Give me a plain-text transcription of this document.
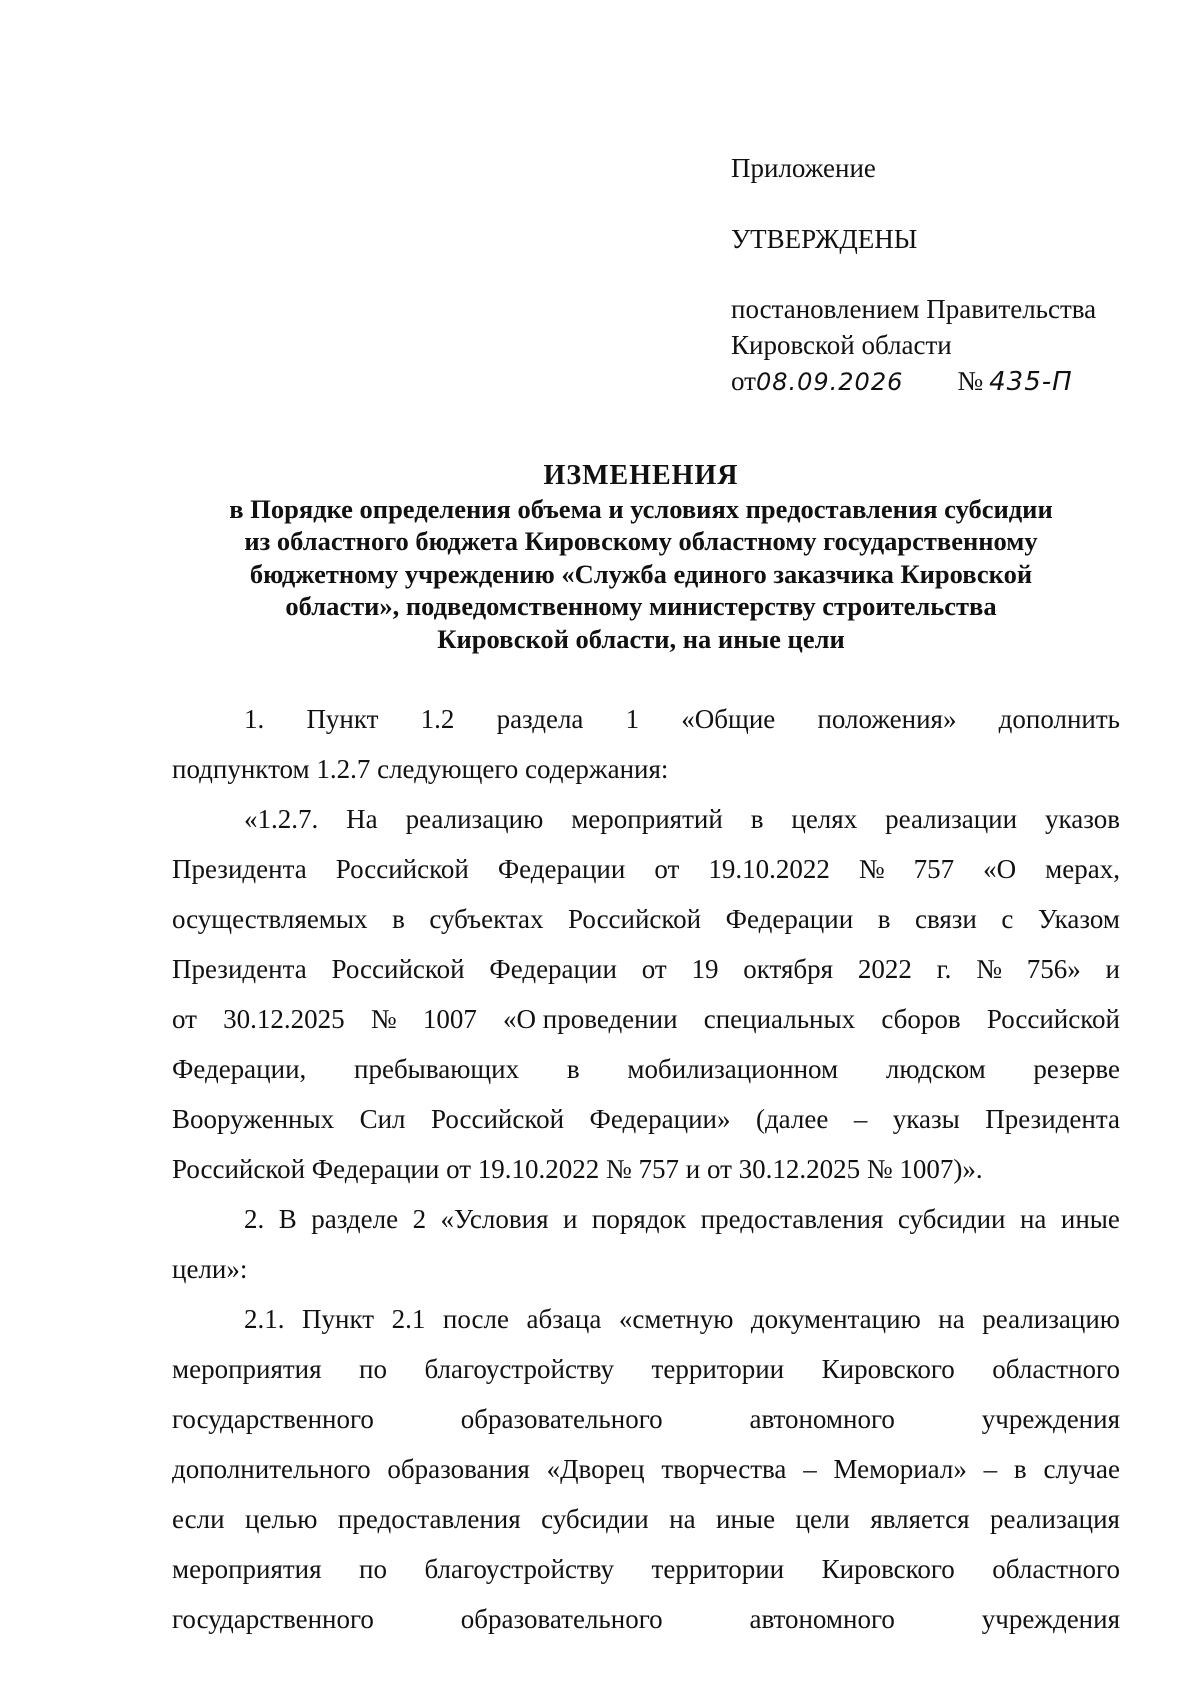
Приложение
УТВЕРЖДЕНЫ
постановлением Правительства
Кировской области
от08.09.2026 № 435-П
ИЗМЕНЕНИЯ
в Порядке определения объема и условиях предоставления субсидии
из областного бюджета Кировскому областному государственному
бюджетному учреждению «Служба единого заказчика Кировской
области», подведомственному министерству строительства
Кировской области, на иные цели
1. Пункт 1.2 раздела 1 «Общие положения» дополнить
подпунктом 1.2.7 следующего содержания:
«1.2.7. На реализацию мероприятий в целях реализации указов
Президента Российской Федерации от 19.10.2022 № 757 «О мерах,
осуществляемых в субъектах Российской Федерации в связи с Указом
Президента Российской Федерации от 19 октября 2022 г. № 756» и
от 30.12.2025 № 1007 «О проведении специальных сборов Российской
Федерации, пребывающих в мобилизационном людском резерве
Вооруженных Сил Российской Федерации» (далее – указы Президента
Российской Федерации от 19.10.2022 № 757 и от 30.12.2025 № 1007)».
2. В разделе 2 «Условия и порядок предоставления субсидии на иные
цели»:
2.1. Пункт 2.1 после абзаца «сметную документацию на реализацию
мероприятия по благоустройству территории Кировского областного
государственного	образовательного	автономного	учреждения
дополнительного образования «Дворец творчества – Мемориал» – в случае
если целью предоставления субсидии на иные цели является реализация
мероприятия по благоустройству территории Кировского областного
государственного	образовательного	автономного	учреждения
